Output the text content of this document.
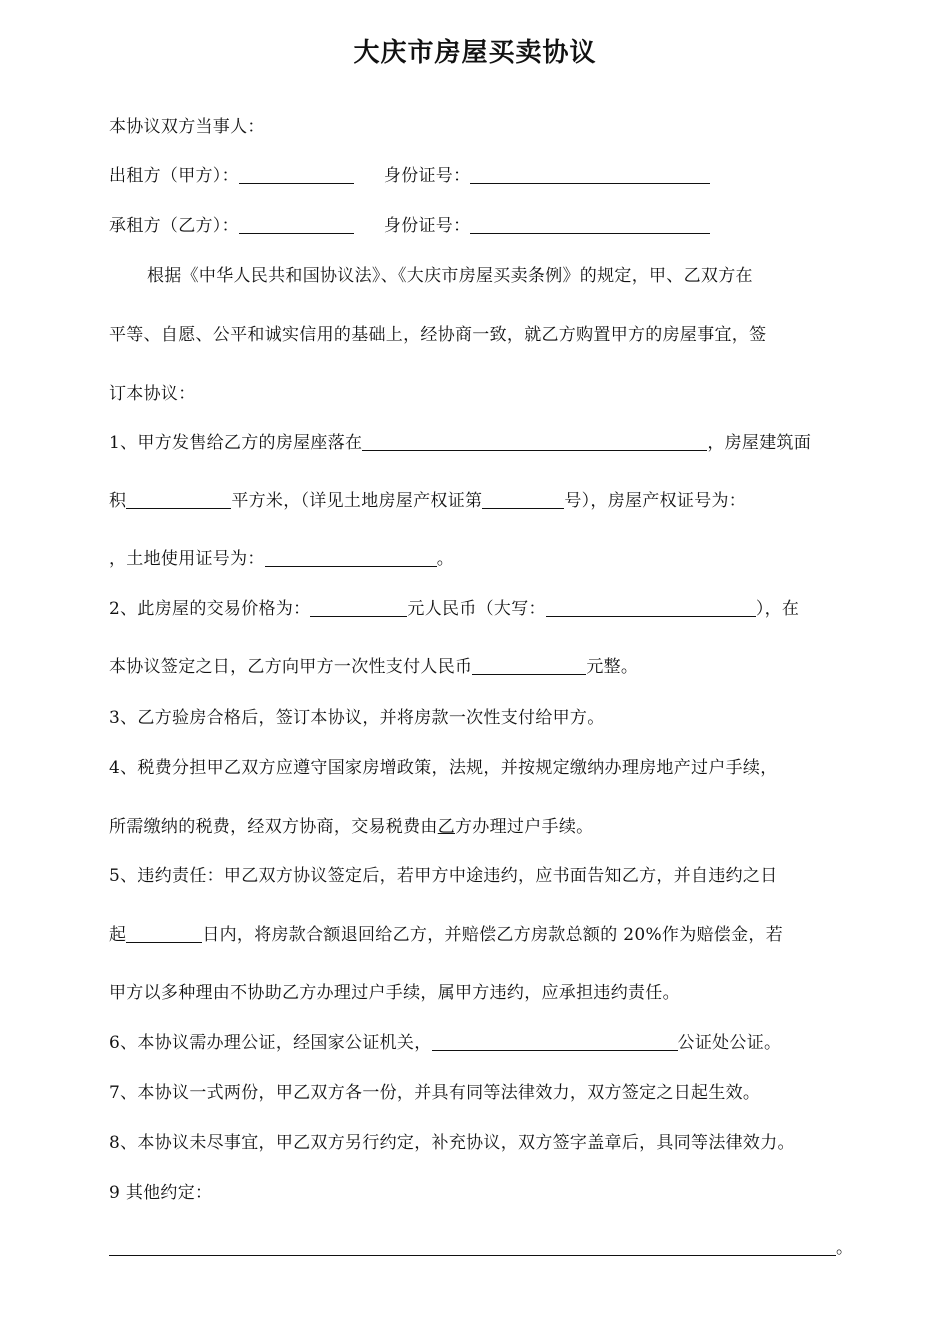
大庆市房屋买卖协议
本协议双方当事人：
出租方（甲方）：	身份证号：
承租方（乙方）：	身份证号：
根据《中华人民共和国协议法》、《大庆市房屋买卖条例》的规定，甲、乙双方在
平等、自愿、公平和诚实信用的基础上，经协商一致，就乙方购置甲方的房屋事宜，签
订本协议：
1、甲方发售给乙方的房屋座落在	，房屋建筑面
积	平方米，（详见土地房屋产权证第	号），房屋产权证号为：
，土地使用证号为：	。
2、此房屋的交易价格为：	元人民币（大写：	），在
本协议签定之日，乙方向甲方一次性支付人民币	元整。
3、乙方验房合格后，签订本协议，并将房款一次性支付给甲方。
4、税费分担甲乙双方应遵守国家房增政策，法规，并按规定缴纳办理房地产过户手续，
所需缴纳的税费，经双方协商，交易税费由乙方办理过户手续。
5、违约责任：甲乙双方协议签定后，若甲方中途违约，应书面告知乙方，并自违约之日
起	日内，将房款合额退回给乙方，并赔偿乙方房款总额的 20%作为赔偿金，若
甲方以多种理由不协助乙方办理过户手续，属甲方违约，应承担违约责任。
6、本协议需办理公证，经国家公证机关，	公证处公证。
7、本协议一式两份，甲乙双方各一份，并具有同等法律效力，双方签定之日起生效。
8、本协议未尽事宜，甲乙双方另行约定，补充协议，双方签字盖章后，具同等法律效力。
9 其他约定：
。
